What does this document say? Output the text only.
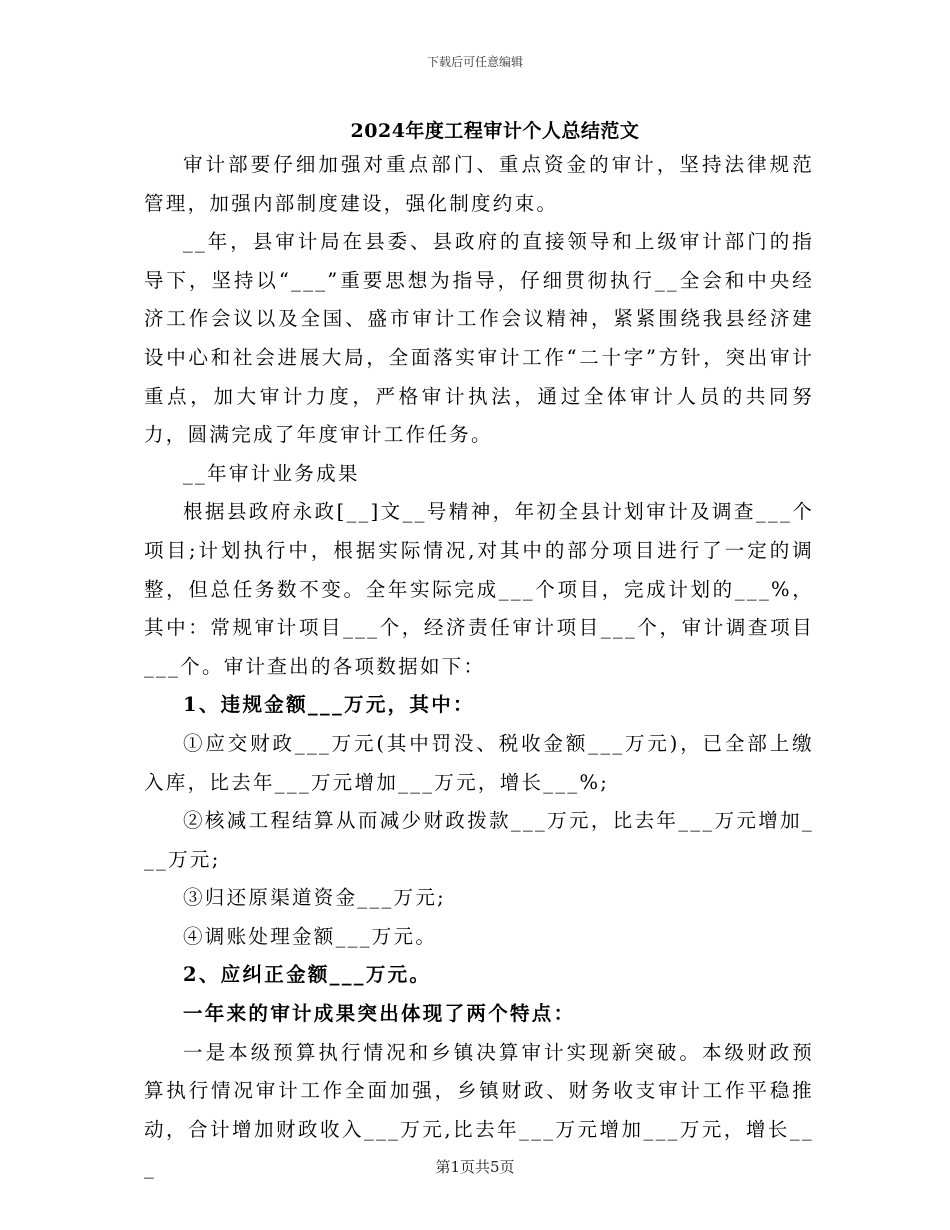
下载后可任意编辑
2024年度工程审计个人总结范文

审计部要仔细加强对重点部门、重点资金的审计，坚持法律规范管理，加强内部制度建设，强化制度约束。

__年，县审计局在县委、县政府的直接领导和上级审计部门的指导下，坚持以“___”重要思想为指导，仔细贯彻执行__全会和中央经济工作会议以及全国、盛市审计工作会议精神，紧紧围绕我县经济建设中心和社会进展大局，全面落实审计工作“二十字”方针，突出审计重点，加大审计力度，严格审计执法，通过全体审计人员的共同努力，圆满完成了年度审计工作任务。

__年审计业务成果

根据县政府永政[__]文__号精神，年初全县计划审计及调查___个项目;计划执行中，根据实际情况,对其中的部分项目进行了一定的调整，但总任务数不变。全年实际完成___个项目，完成计划的___%，其中：常规审计项目___个，经济责任审计项目___个，审计调查项目___个。审计查出的各项数据如下：

1、违规金额___万元，其中：

①应交财政___万元(其中罚没、税收金额___万元)，已全部上缴入库，比去年___万元增加___万元，增长___%;

②核减工程结算从而减少财政拨款___万元，比去年___万元增加___万元;

③归还原渠道资金___万元;

④调账处理金额___万元。

2、应纠正金额___万元。

一年来的审计成果突出体现了两个特点：

一是本级预算执行情况和乡镇决算审计实现新突破。本级财政预算执行情况审计工作全面加强，乡镇财政、财务收支审计工作平稳推动，合计增加财政收入___万元,比去年___万元增加___万元，增长___	第1页共5页
